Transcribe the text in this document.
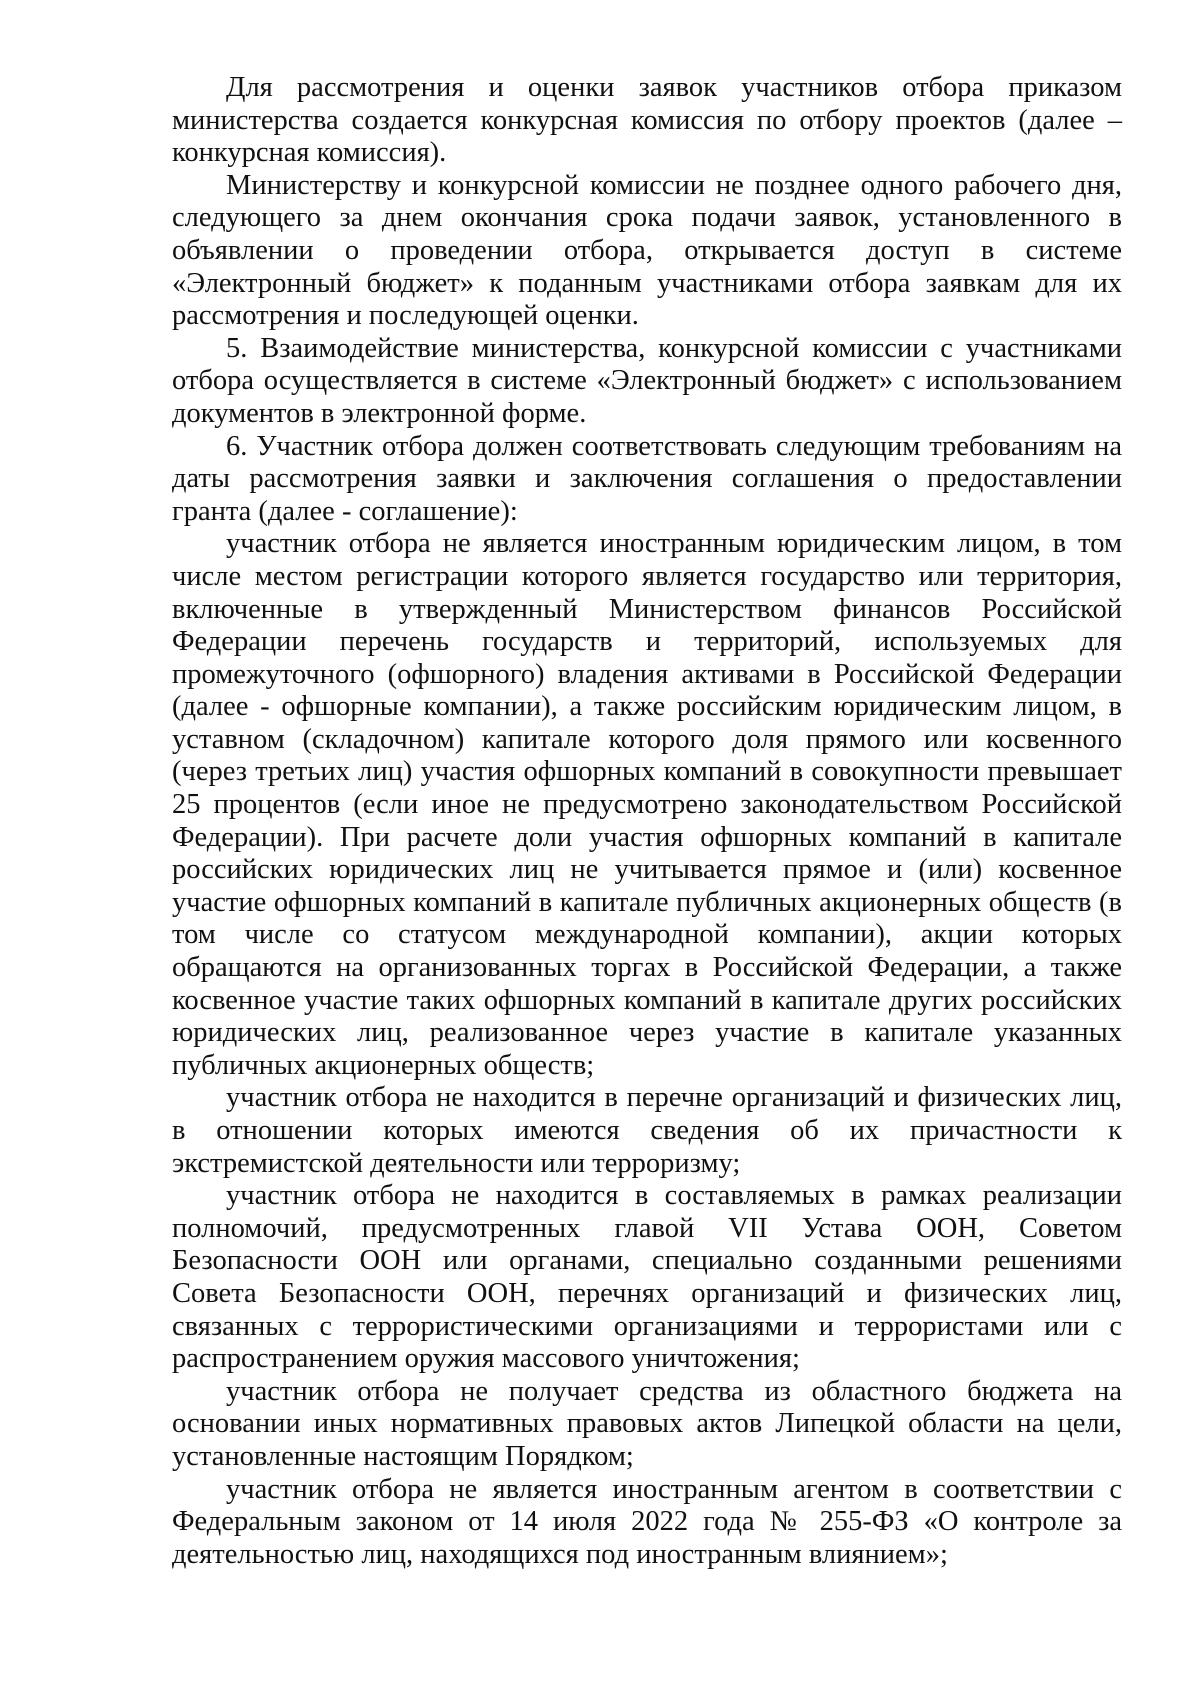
Для рассмотрения и оценки заявок участников отбора приказом министерства создается конкурсная комиссия по отбору проектов (далее – конкурсная комиссия).

Министерству и конкурсной комиссии не позднее одного рабочего дня, следующего за днем окончания срока подачи заявок, установленного в объявлении о проведении отбора, открывается доступ в системе «Электронный бюджет» к поданным участниками отбора заявкам для их рассмотрения и последующей оценки.

5. Взаимодействие министерства, конкурсной комиссии с участниками отбора осуществляется в системе «Электронный бюджет» с использованием документов в электронной форме.

6. Участник отбора должен соответствовать следующим требованиям на даты рассмотрения заявки и заключения соглашения о предоставлении гранта (далее - соглашение):

участник отбора не является иностранным юридическим лицом, в том числе местом регистрации которого является государство или территория, включенные в утвержденный Министерством финансов Российской Федерации перечень государств и территорий, используемых для промежуточного (офшорного) владения активами в Российской Федерации (далее - офшорные компании), а также российским юридическим лицом, в уставном (складочном) капитале которого доля прямого или косвенного (через третьих лиц) участия офшорных компаний в совокупности превышает 25 процентов (если иное не предусмотрено законодательством Российской Федерации). При расчете доли участия офшорных компаний в капитале российских юридических лиц не учитывается прямое и (или) косвенное участие офшорных компаний в капитале публичных акционерных обществ (в том числе со статусом международной компании), акции которых обращаются на организованных торгах в Российской Федерации, а также косвенное участие таких офшорных компаний в капитале других российских юридических лиц, реализованное через участие в капитале указанных публичных акционерных обществ;

участник отбора не находится в перечне организаций и физических лиц, в отношении которых имеются сведения об их причастности к экстремистской деятельности или терроризму;

участник отбора не находится в составляемых в рамках реализации полномочий, предусмотренных главой VII Устава ООН, Советом Безопасности ООН или органами, специально созданными решениями Совета Безопасности ООН, перечнях организаций и физических лиц, связанных с террористическими организациями и террористами или с распространением оружия массового уничтожения;

участник отбора не получает средства из областного бюджета на основании иных нормативных правовых актов Липецкой области на цели, установленные настоящим Порядком;

участник отбора не является иностранным агентом в соответствии с Федеральным законом от 14 июля 2022 года № 255-ФЗ «О контроле за деятельностью лиц, находящихся под иностранным влиянием»;
